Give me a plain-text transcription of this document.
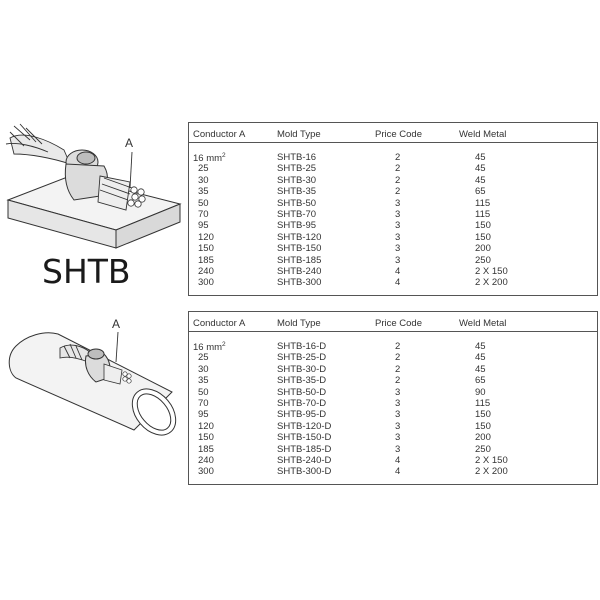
A
SHTB
A
Conductor A	Mold Type	Price Code	Weld Metal
16 $mm^2$	SHTB-16	2	45
25	SHTB-25	2	45
30	SHTB-30	2	45
35	SHTB-35	2	65
50	SHTB-50	3	115
70	SHTB-70	3	115
95	SHTB-95	3	150
120	SHTB-120	3	150
150	SHTB-150	3	200
185	SHTB-185	3	250
240	SHTB-240	4	2 X 150
300	SHTB-300	4	2 X 200
Conductor A	Mold Type	Price Code	Weld Metal
16 $mm^2$	SHTB-16-D	2	45
25	SHTB-25-D	2	45
30	SHTB-30-D	2	45
35	SHTB-35-D	2	65
50	SHTB-50-D	3	90
70	SHTB-70-D	3	115
95	SHTB-95-D	3	150
120	SHTB-120-D	3	150
150	SHTB-150-D	3	200
185	SHTB-185-D	3	250
240	SHTB-240-D	4	2 X 150
300	SHTB-300-D	4	2 X 200
